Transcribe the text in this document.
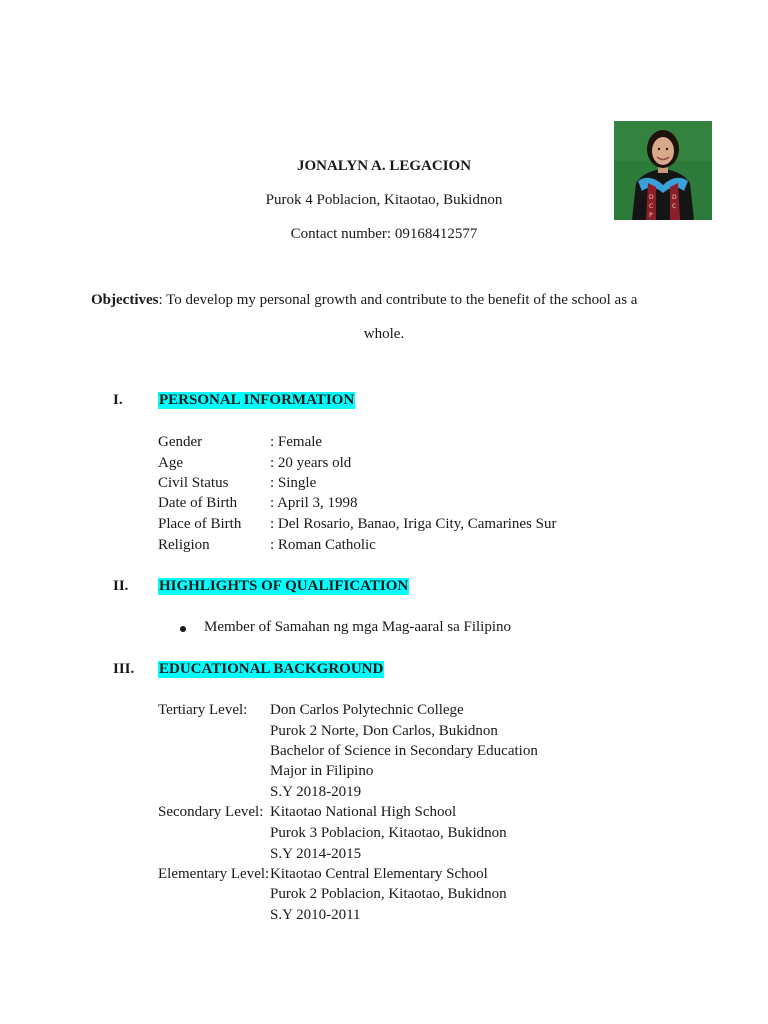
D
C
P
D
C
JONALYN A. LEGACION
Purok 4 Poblacion, Kitaotao, Bukidnon
Contact number: 09168412577
Objectives: To develop my personal growth and contribute to the benefit of the school as a
whole.
I. PERSONAL INFORMATION
Gender	: Female
Age	: 20 years old
Civil Status	: Single
Date of Birth : April 3, 1998
Place of Birth : Del Rosario, Banao, Iriga City, Camarines Sur
Religion	: Roman Catholic
II. HIGHLIGHTS OF QUALIFICATION
Member of Samahan ng mga Mag-aaral sa Filipino
III. EDUCATIONAL BACKGROUND
Tertiary Level: Don Carlos Polytechnic College
Purok 2 Norte, Don Carlos, Bukidnon
Bachelor of Science in Secondary Education
Major in Filipino
S.Y 2018-2019
Secondary Level: Kitaotao National High School
Purok 3 Poblacion, Kitaotao, Bukidnon
S.Y 2014-2015
Elementary Level: Kitaotao Central Elementary School
Purok 2 Poblacion, Kitaotao, Bukidnon
S.Y 2010-2011
